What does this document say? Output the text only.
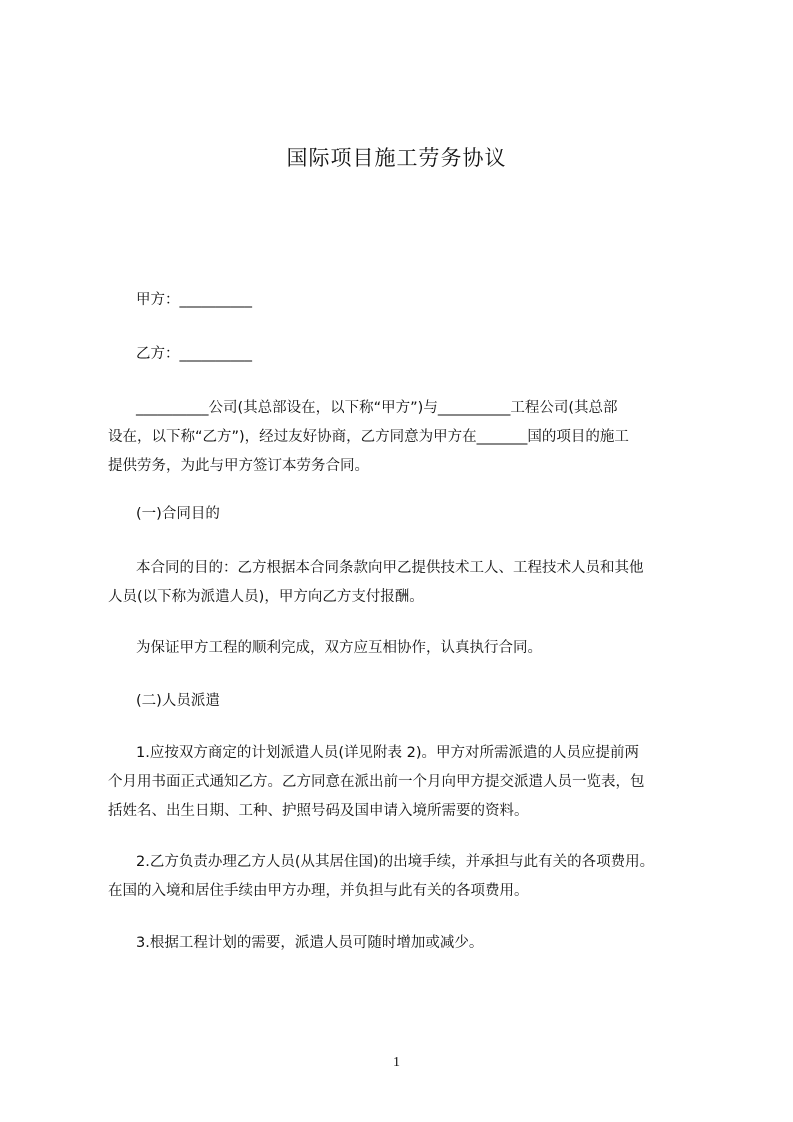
国际项目施工劳务协议
甲方：__________
乙方：__________
__________公司(其总部设在，以下称“甲方”)与__________工程公司(其总部
设在，以下称“乙方”)，经过友好协商，乙方同意为甲方在_______国的项目的施工
提供劳务，为此与甲方签订本劳务合同。
(一)合同目的
本合同的目的：乙方根据本合同条款向甲乙提供技术工人、工程技术人员和其他
人员(以下称为派遣人员)，甲方向乙方支付报酬。
为保证甲方工程的顺利完成，双方应互相协作，认真执行合同。
(二)人员派遣
1.应按双方商定的计划派遣人员(详见附表 2)。甲方对所需派遣的人员应提前两
个月用书面正式通知乙方。乙方同意在派出前一个月向甲方提交派遣人员一览表，包
括姓名、出生日期、工种、护照号码及国申请入境所需要的资料。
2.乙方负责办理乙方人员(从其居住国)的出境手续，并承担与此有关的各项费用。
在国的入境和居住手续由甲方办理，并负担与此有关的各项费用。
3.根据工程计划的需要，派遣人员可随时增加或减少。
1
